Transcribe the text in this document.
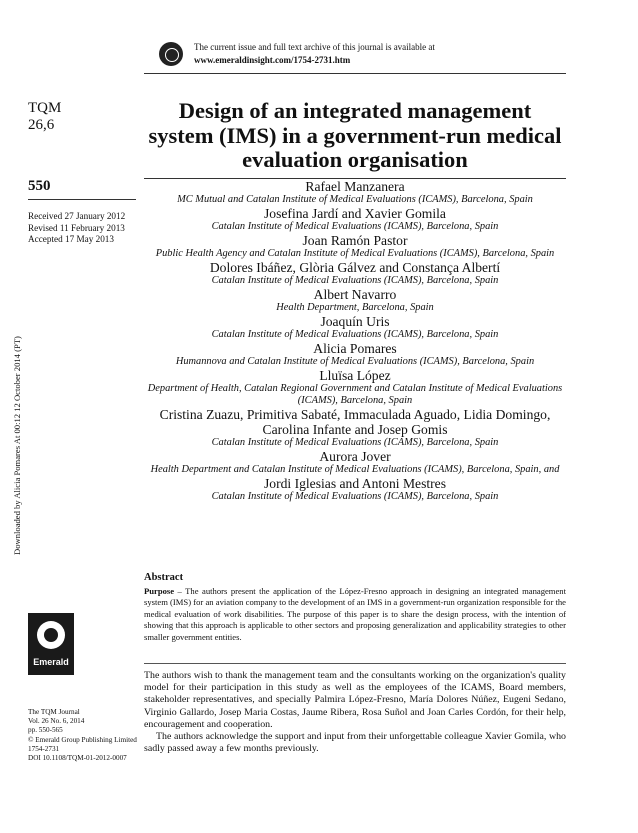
The current issue and full text archive of this journal is available at
www.emeraldinsight.com/1754-2731.htm
Downloaded by Alicia Pomares At 00:12 12 October 2014 (PT)
TQM
26,6
550
Received 27 January 2012
Revised 11 February 2013
Accepted 17 May 2013
Emerald
The TQM Journal
Vol. 26 No. 6, 2014
pp. 550-565
© Emerald Group Publishing Limited
1754-2731
DOI 10.1108/TQM-01-2012-0007
Design of an integrated management system (IMS) in a government-run medical evaluation organisation

Rafael Manzanera

MC Mutual and Catalan Institute of Medical Evaluations (ICAMS), Barcelona, Spain

Josefina Jardí and Xavier Gomila

Catalan Institute of Medical Evaluations (ICAMS), Barcelona, Spain

Joan Ramón Pastor

Public Health Agency and Catalan Institute of Medical Evaluations (ICAMS), Barcelona, Spain

Dolores Ibáñez, Glòria Gálvez and Constança Albertí

Catalan Institute of Medical Evaluations (ICAMS), Barcelona, Spain

Albert Navarro

Health Department, Barcelona, Spain

Joaquín Uris

Catalan Institute of Medical Evaluations (ICAMS), Barcelona, Spain

Alicia Pomares

Humannova and Catalan Institute of Medical Evaluations (ICAMS), Barcelona, Spain

Lluïsa López

Department of Health, Catalan Regional Government and Catalan Institute of Medical Evaluations (ICAMS), Barcelona, Spain

Cristina Zuazu, Primitiva Sabaté, Immaculada Aguado, Lidia Domingo, Carolina Infante and Josep Gomis

Catalan Institute of Medical Evaluations (ICAMS), Barcelona, Spain

Aurora Jover

Health Department and Catalan Institute of Medical Evaluations (ICAMS), Barcelona, Spain, and

Jordi Iglesias and Antoni Mestres

Catalan Institute of Medical Evaluations (ICAMS), Barcelona, Spain

Abstract
Purpose – The authors present the application of the López-Fresno approach in designing an integrated management system (IMS) for an aviation company to the development of an IMS in a government-run organization responsible for the medical evaluation of work disabilities. The purpose of this paper is to share the design process, with the intention of showing that this approach is applicable to other sectors and proposing generalization and applicability strategies to other smaller government entities.

The authors wish to thank the management team and the consultants working on the organization's quality model for their participation in this study as well as the employees of the ICAMS, Board members, stakeholder representatives, and specially Palmira López-Fresno, María Dolores Núñez, Eugeni Sedano, Virginio Gallardo, Josep Maria Costas, Jaume Ribera, Rosa Suñol and Joan Carles Cordón, for their help, encouragement and cooperation.

The authors acknowledge the support and input from their unforgettable colleague Xavier Gomila, who sadly passed away a few months previously.
